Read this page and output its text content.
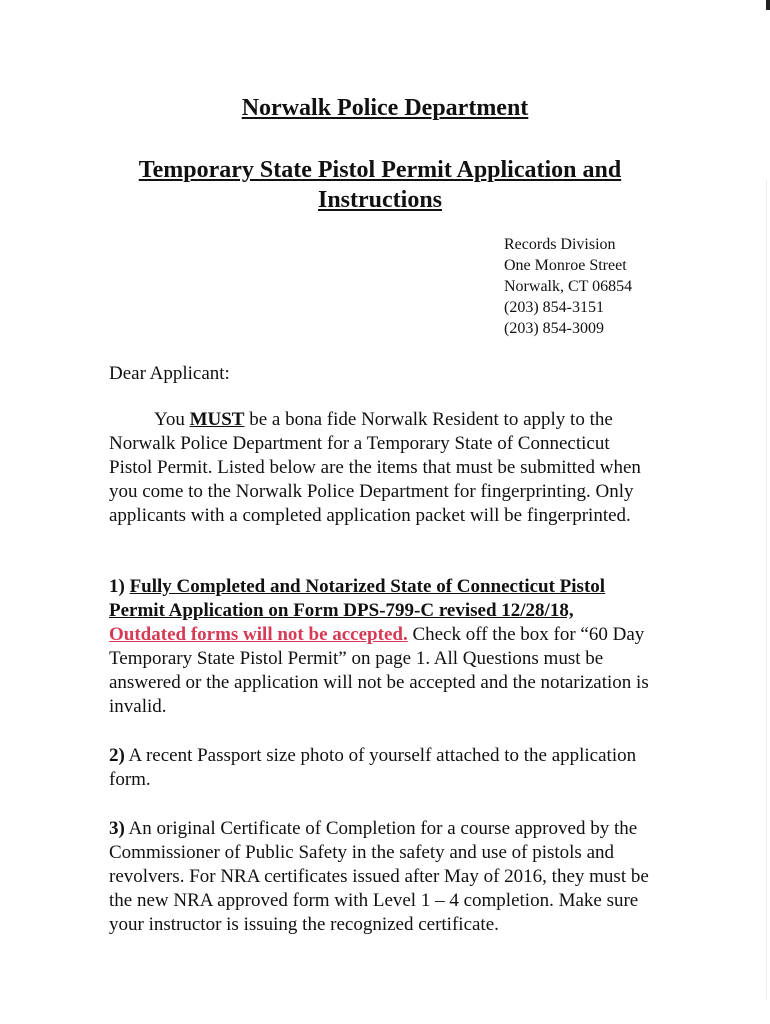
Norwalk Police Department
Temporary State Pistol Permit Application and Instructions
Records Division
One Monroe Street
Norwalk, CT 06854
(203) 854-3151
(203) 854-3009
Dear Applicant:

You MUST be a bona fide Norwalk Resident to apply to the Norwalk Police Department for a Temporary State of Connecticut Pistol Permit. Listed below are the items that must be submitted when you come to the Norwalk Police Department for fingerprinting. Only applicants with a completed application packet will be fingerprinted.

1) Fully Completed and Notarized State of Connecticut Pistol Permit Application on Form DPS-799-C revised 12/28/18, Outdated forms will not be accepted. Check off the box for “60 Day Temporary State Pistol Permit” on page 1. All Questions must be answered or the application will not be accepted and the notarization is invalid.

2) A recent Passport size photo of yourself attached to the application form.

3) An original Certificate of Completion for a course approved by the Commissioner of Public Safety in the safety and use of pistols and revolvers. For NRA certificates issued after May of 2016, they must be the new NRA approved form with Level 1 – 4 completion. Make sure your instructor is issuing the recognized certificate.
